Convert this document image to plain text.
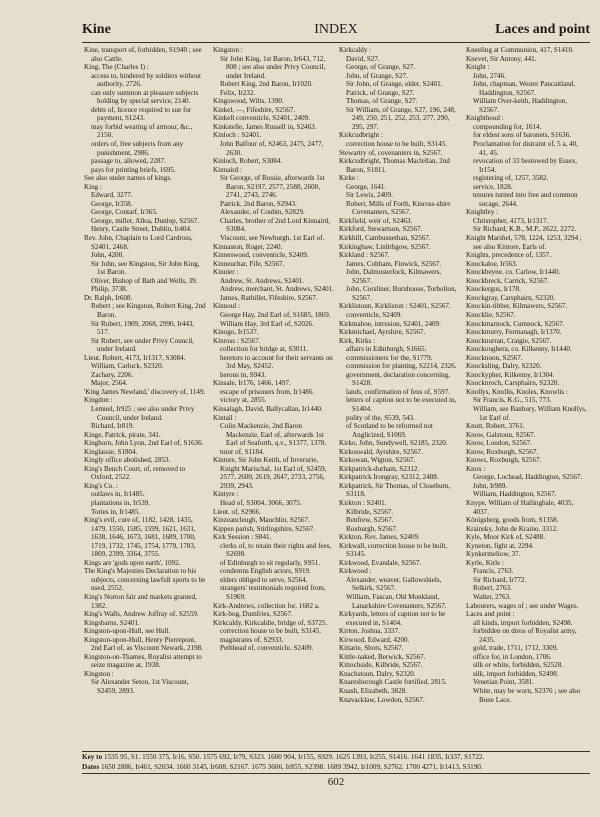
Kine	INDEX	Laces and point
Kine, transport of, forbidden, S1940 ; see also Cattle.
King, The (Charles I) :
access to, hindered by soldiers without authority, 2726.
can only summon at pleasure subjects holding by special service, 2140.
debts of, licence required to sue for payment, S1243.
may forbid wearing of armour, &c., 2150.
orders of, free subjects from any punishment, 2986.
passage to, allowed, 2287.
pays for printing briefs, 1695.
See also under names of kings.
King :
Edward, 3277.
George, Ir358.
George, Contarf, Ir365.
George, miller, Alloa, Dunlop, S2567.
Henry, Castle Street, Dublin, Ir404.
Rev. John, Chaplain to Lord Cardross, S2401, 2468.
John, 4200.
Sir John, see Kingston, Sir John King, 1st Baron.
Oliver, Bishop of Bath and Wells, 39.
Philip, 3738.
Dr. Ralph, Ir608.
Robert ; see Kingston, Robert King, 2nd Baron.
Sir Robert, 1909, 2068, 2990, Ir443, 517.
Sir Robert, see under Privy Council, under Ireland.
Lieut. Robert, 4173, Ir1317, S3084.
William, Carluck, S2320.
Zachary, 2206.
Major, 2564.
'King James Newland,' discovery of, 1149.
Kingdon :
Lemuel, Ir925 ; see also under Privy Council, under Ireland.
Richard, Ir819.
Kinge, Patrick, pirate, 341.
Kinghorn, John Lyon, 2nd Earl of, S1636.
Kinglassie, S1804.
Kingly office abolished, 2853.
King's Bench Court, of, removed to Oxford, 2522.
King's Co. :
outlaws in, Ir1485.
plantations in, Ir539.
Tories in, Ir1485.
King's evil, cure of, 1182, 1428, 1435, 1479, 1550, 1585, 1599, 1621, 1631, 1638, 1646, 1673, 1681, 1689, 1700, 1719, 1732, 1745, 1754, 1779, 1783, 1809, 2399, 3364, 3755.
Kings are 'gods upon earth', 1092.
The King's Majesties Declaration to his subjects, concerning lawfull sports to be used, 2552.
King's Norton fair and markets granted, 1382.
King's Walls, Andrew Joffray of, S2559.
Kingsbarns, S2401.
Kingston-upon-Hull, see Hull.
Kingston-upon-Hull, Henry Pierrepont, 2nd Earl of, as Viscount Newark, 2198.
Kingston-on-Thames, Royalist attempt to seize magazine at, 1938.
Kingston :
Sir Alexander Seton, 1st Viscount, S2459, 2893.
Kingston :
Sir John King, 1st Baron, Ir643, 712, 808 ; see also under Privy Council, under Ireland.
Robert King, 2nd Baron, Ir1020.
Felix, Ir232.
Kingswood, Wilts, 1390.
Kinkel, —, Fifeshire, S2567.
Kinkell conventicle, S2401, 2409.
Kinkstelle, James Russell in, S2463.
Kinloch : S2401.
John Balfour of, S2463, 2475, 2477, 2630.
Kinloch, Robert, S3084.
Kinnaird :
Sir George, of Rossie, afterwards 1st Baron, S2197, 2577, 2588, 2600, 2741, 2743, 2746.
Patrick, 2nd Baron, S2943.
Alexander, of Coubin, S2829.
Charles, brother of 2nd Lord Kinnaird, S3084.
Viscount, see Newburgh, 1st Earl of.
Kinnaston, Roger, 2240.
Kinneswood, conventicle, S2409.
Kinneuchar, Fife, S2567.
Kinnier :
Andrew, St. Andrews, S2401.
Andrew, merchant, St. Andrews, S2401.
James, Rathillet, Fifeshire, S2567.
Kinnoul :
George Hay, 2nd Earl of, S1685, 1869.
William Hay, 3rd Earl of, S2026.
Kinogo, Ir1537.
Kinross : S2567.
collection for bridge at, S3011.
heretors to account for their servants on 3rd May, S2452.
herons in, S943.
Kinsale, Ir176, 1466, 1497.
escape of prisoners from, Ir1486.
victory at, 2855.
Kinsalagh, David, Ballycallan, Ir1440.
Kintail :
Colin Mackenzie, 2nd Baron Mackenzie, Earl of, afterwards 1st Earl of Seaforth, q.v., S1377, 1378.
tutor of, S1184.
Kintore, Sir John Keith, of Inverurie, Knight Marischal, 1st Earl of, S2459, 2577, 2600, 2619, 2647, 2733, 2756, 2939, 2943.
Kintyre :
Head of, S3004, 3066, 3075.
Lieut. of, S2966.
Kinzeancleugh, Mauchlin, S2567.
Kippen parish, Stirlingshire, S2567.
Kirk Session : S841.
clerks of, to retain their rights and fees, S2698.
of Edinburgh to sit regularly, S951.
condemns English actors, S919.
elders obliged to serve, S2564.
strangers' testimonials required from, S1969.
Kirk-Andrews, collection for, 1682 a.
Kirk-bog, Dumfries, S2567.
Kirkcaldy, Kirkcaldie, bridge of, S3725.
correction house to be built, S3145.
magistrates of, S2933.
Pethhead of, conventicle, S2409.
Kirkcaldy :
David, S27.
George, of Grange, S27.
John, of Grange, S27.
Sir John, of Grange, elder, S2401.
Patrick, of Grange, S27.
Thomas, of Grange, S27.
Sir William, of Grange, S27, 196, 248, 249, 250, 251, 252, 253, 277, 290, 295, 297.
Kirkcudbright :
correction house to be built, S3145.
Stewartry of, covenanters in, S2567.
Kirkcudbright, Thomas Maclellan, 2nd Baron, S1811.
Kirke :
George, 1641.
Sir Lewis, 2409.
Robert, Mills of Forth, Kinross-shire Covenanters, S2567.
Kirkfield, weir of, S2463.
Kirkford, Stewartson, S2567.
Kirkhill, Cambusnethan, S2567.
Kirkinghaw, Linlithgow, S2567.
Kirkland : S2567.
James, Cobham, Finwick, S2567.
John, Dalmusterlock, Kilmawers, S2567.
John, Corsliner, Burnhouse, Torbolton, S2567.
Kirklistoun, Kirkliston : S2401, S2567.
conventicle, S2409.
Kirkmahoe, intrusion, S2401, 2409.
Kirkmichael, Ayrshire, S2567.
Kirk, Kirks :
affairs in Edinburgh, S1665.
commissioners for the, S1779.
commission for planting, S2214, 2326.
government, declaration concerning, S1428.
lands, confirmation of feus of, S597.
letters of caption not to be executed in, S1404.
polity of the, S539, 543.
of Scotland to be reformed not Anglicized, S1069.
Kirko, John, Sundywell, S2185, 2320.
Kirkoswald, Ayrshire, S2567.
Kirkowan, Wigton, S2567.
Kirkpatrick-durham, S2312.
Kirkpatrick Irongray, S2312, 2488.
Kirkpatrick, Sir Thomas, of Closeburn, S3118.
Kirkton : S2401.
Kilbride, S2567.
Renfrew, S2567.
Roxburgh, S2567.
Kirkton, Rev. James, S2409.
Kirkwall, correction house to be built, S3145.
Kirkwood, Evandale, S2567.
Kirkwood :
Alexander, weaver, Gallowshiels, Selkirk, S2567.
William, Fascan, Old Monkland, Lanarkshire Covenanters, S2567.
Kirkyards, letters of caption not to be executed in, S1404.
Kirton, Joshua, 3337.
Kirwood, Edward, 4200.
Kittarie, Shots, S2567.
Kittle-naked, Berwick, S2567.
Kittochside, Kilbride, S2567.
Knachstoun, Dalry, S2320.
Knaresborough Castle fortified, 2815.
Knash, Elizabeth, 3828.
Knavacklaw, Lowdon, S2567.
Kneeling at Communion, 417, S1410.
Knevet, Sir Antony, 441.
Knight :
John, 2746.
John, chapman, Wester Pancaitland, Haddington, S2567.
William Over-keith, Haddington, S2567.
Knighthood :
compounding for, 1614.
for eldest sons of baronets, S1636.
Proclamation for distraint of, 5 a, 40, 41, 45.
revocation of 33 bestowed by Essex, Ir154.
registering of, 1257, 3582.
service, 1828.
tenures turned into free and common socage, 2644.
Knightley :
Christopher, 4173, Ir1317.
Sir Richard, K.B., M.P., 2622, 2272.
Knight Marshel, 578, 1224, 1253, 3294 ; see also Kintore, Earls of.
Knights, precedence of, 1357.
Knockaloe, Ir563.
Knockbeyne, co. Carlow, Ir1440.
Knockbreck, Carrick, S2567.
Knockergus, Ir178.
Knockgray, Carsphairn, S2320.
Knockin-tibber, Kilmawers, S2567.
Knocklie, S2567.
Knockmarnock, Cumnock, S2567.
Knockmurry, Fermanagh, Ir1370.
Knocknurran, Craigie, S2567.
Knockoughera, co. Kilkenny, Ir1440.
Knocknoon, S2567.
Knocksling, Dalry, S2320.
Knockypher, Kilkenny, Ir1304.
Knocknroch, Carsphairn, S2320.
Knollys, Knollis, Knoles, Knowlis :
Sir Francis, K.G., 515, 773.
William, see Banbury, William Knollys, 1st Earl of.
Knott, Robert, 3761.
Know, Galstoun, S2567.
Know, Loudon, S2567.
Know, Roxburgh, S2567.
Knows, Roxburgh, S2567.
Knox :
George, Lochead, Haddington, S2567.
John, Ir989.
William, Haddington, S2567.
Knype, William of Hallingbale, 4035, 4037.
Königsberg, goods from, S1358.
Krainsky, John de Kraino, 3312.
Kyle, Moor Kirk of, S2488.
Kyneton, fight at, 2294.
Kynkermeliow, 37.
Kyrle, Kirle :
Francis, 2763.
Sir Richard, Ir772.
Robert, 2763.
Walter, 2763.
Labourers, wages of ; see under Wages.
Laces and point :
all kinds, import forbidden, S2498.
forbidden on dress of Royalist army, 2435.
gold, trade, 1711, 1712, 3309.
office for, in London, 1706.
silk or white, forbidden, S2528.
silk, import forbidden, S2498.
Venetian Point, 3581.
White, may be worn, S2376 ; see also Bone Lace.
Key to 1535 95, S1. 1550 375, Ir16, S50. 1575 692, Ir79, S323. 1600 904, Ir155, S929. 1625 1393, Ir255, S1416. 1641 1835, Ir337, S1722.
Dates 1650 2886, Ir461, S2034. 1660 3145, Ir608, S2167. 1675 3606, Ir855, S2398. 1689 3942, Ir1009, S2762. 1700 4271, Ir1413, S3190.
602
